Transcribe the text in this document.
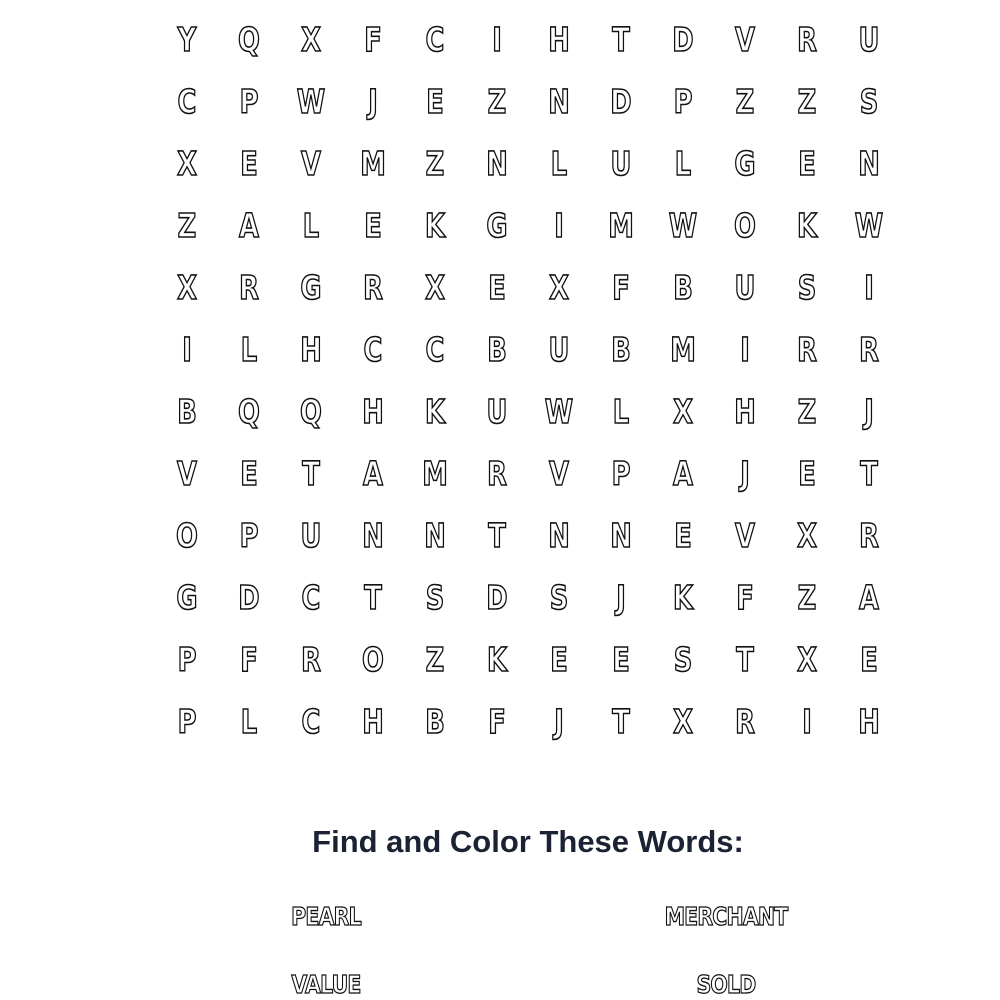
Y	Q	X	F	C	I	H	T	D	V	R	U
C	P	W	J	E	Z	N	D	P	Z	Z	S
X	E	V	M	Z	N	L	U	L	G	E	N
Z	A	L	E	K	G	I	M	W	O	K	W
X	R	G	R	X	E	X	F	B	U	S	I
I	L	H	C	C	B	U	B	M	I	R	R
B	Q	Q	H	K	U	W	L	X	H	Z	J
V	E	T	A	M	R	V	P	A	J	E	T
O	P	U	N	N	T	N	N	E	V	X	R
G	D	C	T	S	D	S	J	K	F	Z	A
P	F	R	O	Z	K	E	E	S	T	X	E
P	L	C	H	B	F	J	T	X	R	I	H
Find and Color These Words:
PEARL	MERCHANT
VALUE	SOLD
